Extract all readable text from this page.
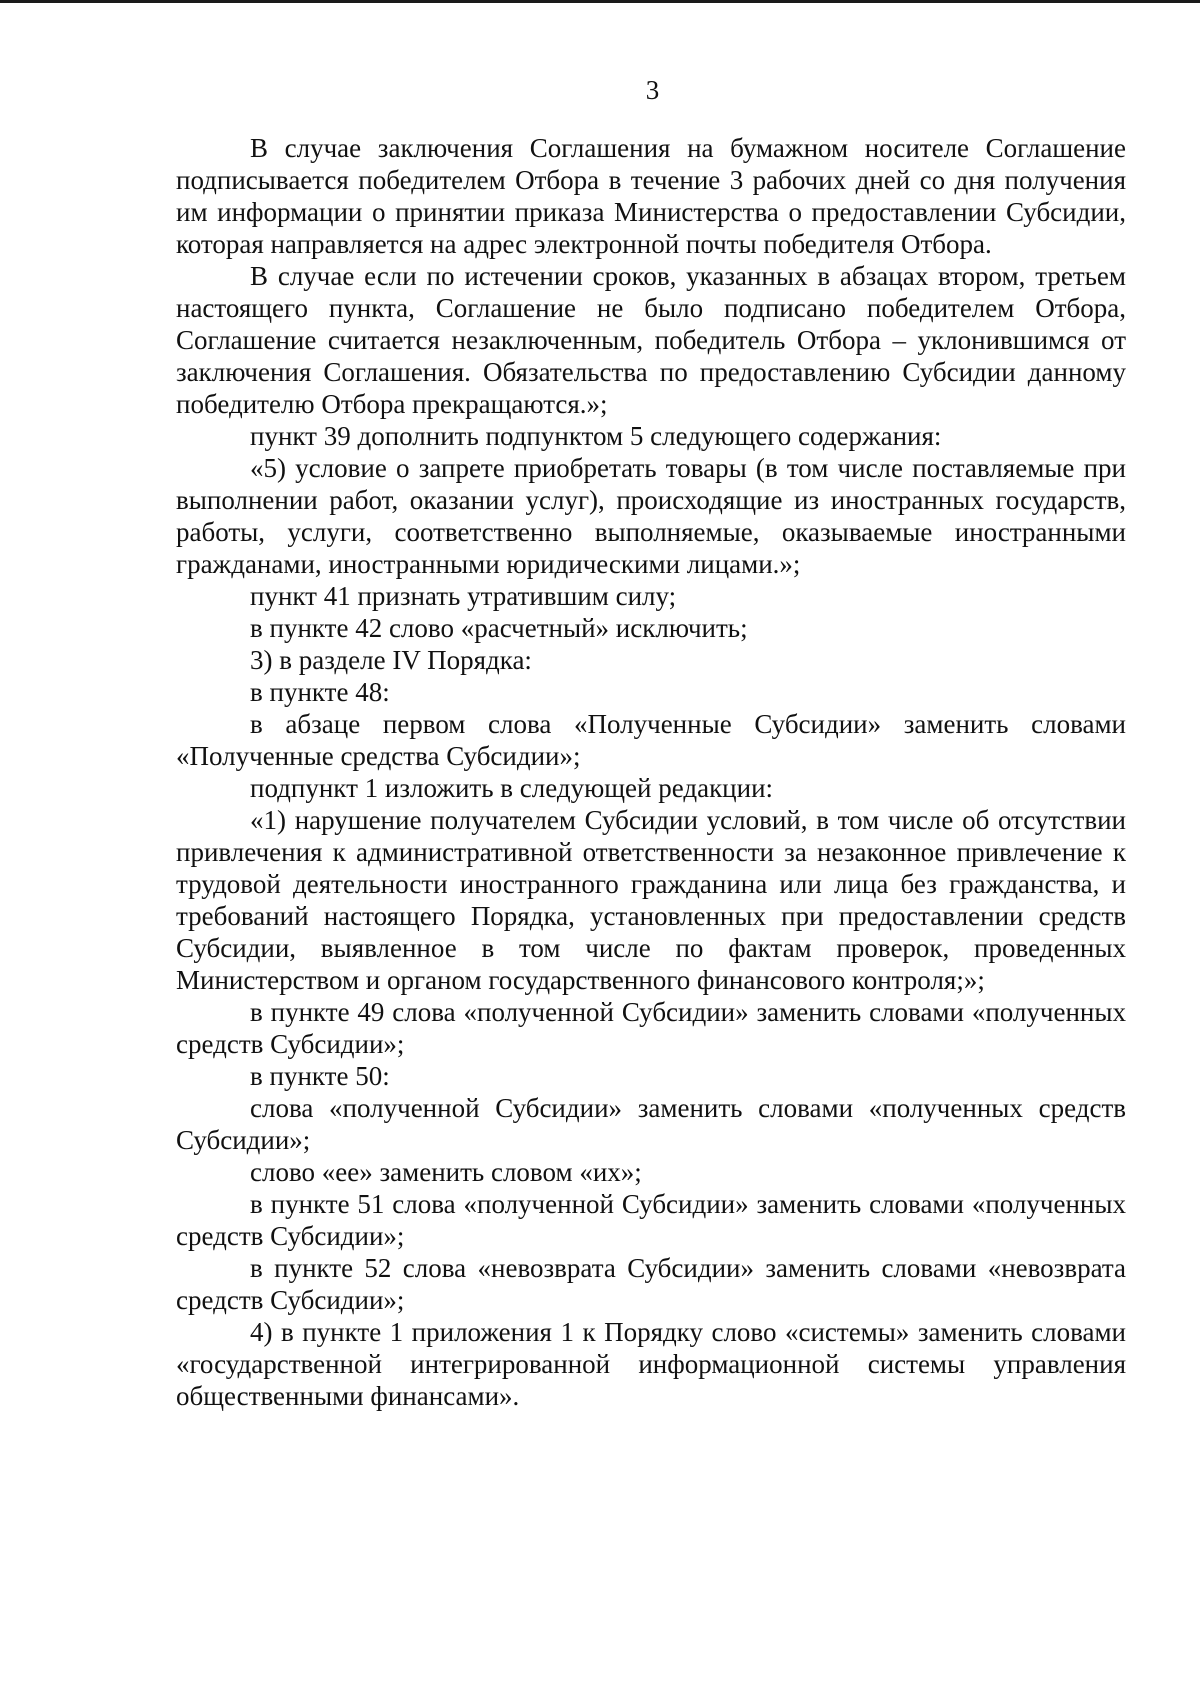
3

В случае заключения Соглашения на бумажном носителе Соглашение подписывается победителем Отбора в течение 3 рабочих дней со дня получения им информации о принятии приказа Министерства о предоставлении Субсидии, которая направляется на адрес электронной почты победителя Отбора.

В случае если по истечении сроков, указанных в абзацах втором, третьем настоящего пункта, Соглашение не было подписано победителем Отбора, Соглашение считается незаключенным, победитель Отбора – уклонившимся от заключения Соглашения. Обязательства по предоставлению Субсидии данному победителю Отбора прекращаются.»;

пункт 39 дополнить подпунктом 5 следующего содержания:

«5) условие о запрете приобретать товары (в том числе поставляемые при выполнении работ, оказании услуг), происходящие из иностранных государств, работы, услуги, соответственно выполняемые, оказываемые иностранными гражданами, иностранными юридическими лицами.»;

пункт 41 признать утратившим силу;

в пункте 42 слово «расчетный» исключить;

3) в разделе IV Порядка:

в пункте 48:

в абзаце первом слова «Полученные Субсидии» заменить словами «Полученные средства Субсидии»;

подпункт 1 изложить в следующей редакции:

«1) нарушение получателем Субсидии условий, в том числе об отсутствии привлечения к административной ответственности за незаконное привлечение к трудовой деятельности иностранного гражданина или лица без гражданства, и требований настоящего Порядка, установленных при предоставлении средств Субсидии, выявленное в том числе по фактам проверок, проведенных Министерством и органом государственного финансового контроля;»;

в пункте 49 слова «полученной Субсидии» заменить словами «полученных средств Субсидии»;

в пункте 50:

слова «полученной Субсидии» заменить словами «полученных средств Субсидии»;

слово «ее» заменить словом «их»;

в пункте 51 слова «полученной Субсидии» заменить словами «полученных средств Субсидии»;

в пункте 52 слова «невозврата Субсидии» заменить словами «невозврата средств Субсидии»;

4) в пункте 1 приложения 1 к Порядку слово «системы» заменить словами «государственной интегрированной информационной системы управления общественными финансами».
